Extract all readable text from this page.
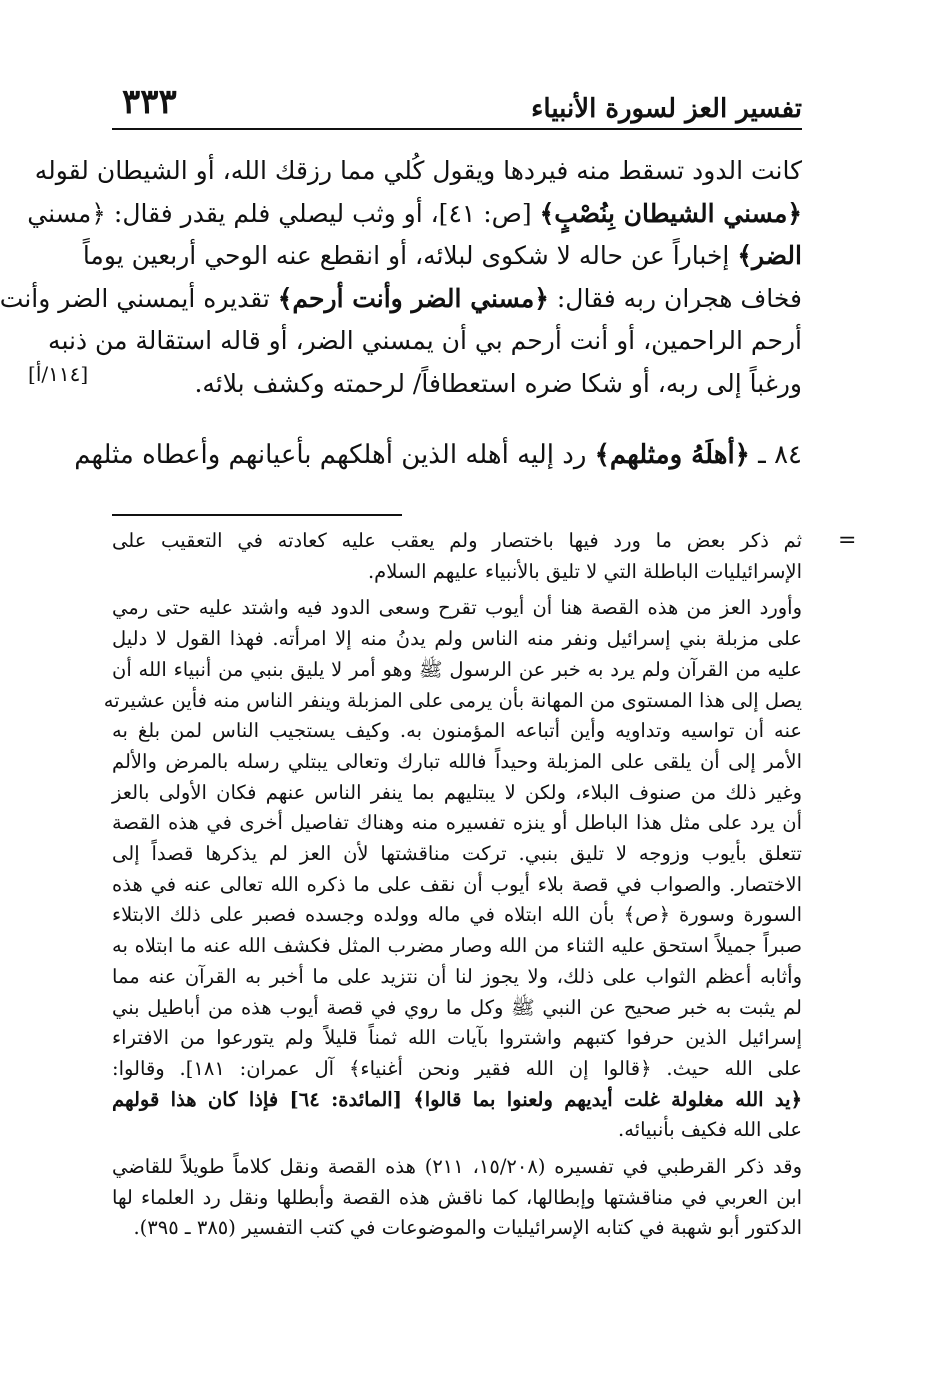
٣٣٣	تفسير العز لسورة الأنبياء
كانت الدود تسقط منه فيردها ويقول كُلي مما رزقك الله، أو الشيطان لقوله
﴿مسني الشيطان بِنُصْبٍ﴾ [ص: ٤١]، أو وثب ليصلي فلم يقدر فقال: ﴿مسني
الضر﴾ إخباراً عن حاله لا شكوى لبلائه، أو انقطع عنه الوحي أربعين يوماً
فخاف هجران ربه فقال: ﴿مسني الضر وأنت أرحم﴾ تقديره أيمسني الضر وأنت
أرحم الراحمين، أو أنت أرحم بي أن يمسني الضر، أو قاله استقالة من ذنبه
ورغباً إلى ربه، أو شكا ضره استعطافاً/ لرحمته وكشف بلائه.
[١١٤/أ]
٨٤ ـ ﴿أهلَهُ ومثلهم﴾ رد إليه أهله الذين أهلكهم بأعيانهم وأعطاه مثلهم
=
ثم ذكر بعض ما ورد فيها باختصار ولم يعقب عليه كعادته في التعقيب على
الإسرائيليات الباطلة التي لا تليق بالأنبياء عليهم السلام.
وأورد العز من هذه القصة هنا أن أيوب تقرح وسعى الدود فيه واشتد عليه حتى رمي
على مزبلة بني إسرائيل ونفر منه الناس ولم يدنُ منه إلا امرأته. فهذا القول لا دليل
عليه من القرآن ولم يرد به خبر عن الرسول ﷺ وهو أمر لا يليق بنبي من أنبياء الله أن
يصل إلى هذا المستوى من المهانة بأن يرمى على المزبلة وينفر الناس منه فأين عشيرته
عنه أن تواسيه وتداويه وأين أتباعه المؤمنون به. وكيف يستجيب الناس لمن بلغ به
الأمر إلى أن يلقى على المزبلة وحيداً فالله تبارك وتعالى يبتلي رسله بالمرض والألم
وغير ذلك من صنوف البلاء، ولكن لا يبتليهم بما ينفر الناس عنهم فكان الأولى بالعز
أن يرد على مثل هذا الباطل أو ينزه تفسيره منه وهناك تفاصيل أخرى في هذه القصة
تتعلق بأيوب وزوجه لا تليق بنبي. تركت مناقشتها لأن العز لم يذكرها قصداً إلى
الاختصار. والصواب في قصة بلاء أيوب أن نقف على ما ذكره الله تعالى عنه في هذه
السورة وسورة ﴿ص﴾ بأن الله ابتلاه في ماله وولده وجسده فصبر على ذلك الابتلاء
صبراً جميلاً استحق عليه الثناء من الله وصار مضرب المثل فكشف الله عنه ما ابتلاه به
وأثابه أعظم الثواب على ذلك، ولا يجوز لنا أن نتزيد على ما أخبر به القرآن عنه مما
لم يثبت به خبر صحيح عن النبي ﷺ وكل ما روي في قصة أيوب هذه من أباطيل بني
إسرائيل الذين حرفوا كتبهم واشتروا بآيات الله ثمناً قليلاً ولم يتورعوا من الافتراء
على الله حيث. ﴿قالوا إن الله فقير ونحن أغنياء﴾ آل عمران: ١٨١]. وقالوا:
﴿يد الله مغلولة غلت أيديهم ولعنوا بما قالوا﴾ [المائدة: ٦٤] فإذا كان هذا قولهم
على الله فكيف بأنبيائه.
وقد ذكر القرطبي في تفسيره (١٥/٢٠٨، ٢١١) هذه القصة ونقل كلاماً طويلاً للقاضي
ابن العربي في مناقشتها وإبطالها، كما ناقش هذه القصة وأبطلها ونقل رد العلماء لها
الدكتور أبو شهبة في كتابه الإسرائيليات والموضوعات في كتب التفسير (٣٨٥ ـ ٣٩٥).
